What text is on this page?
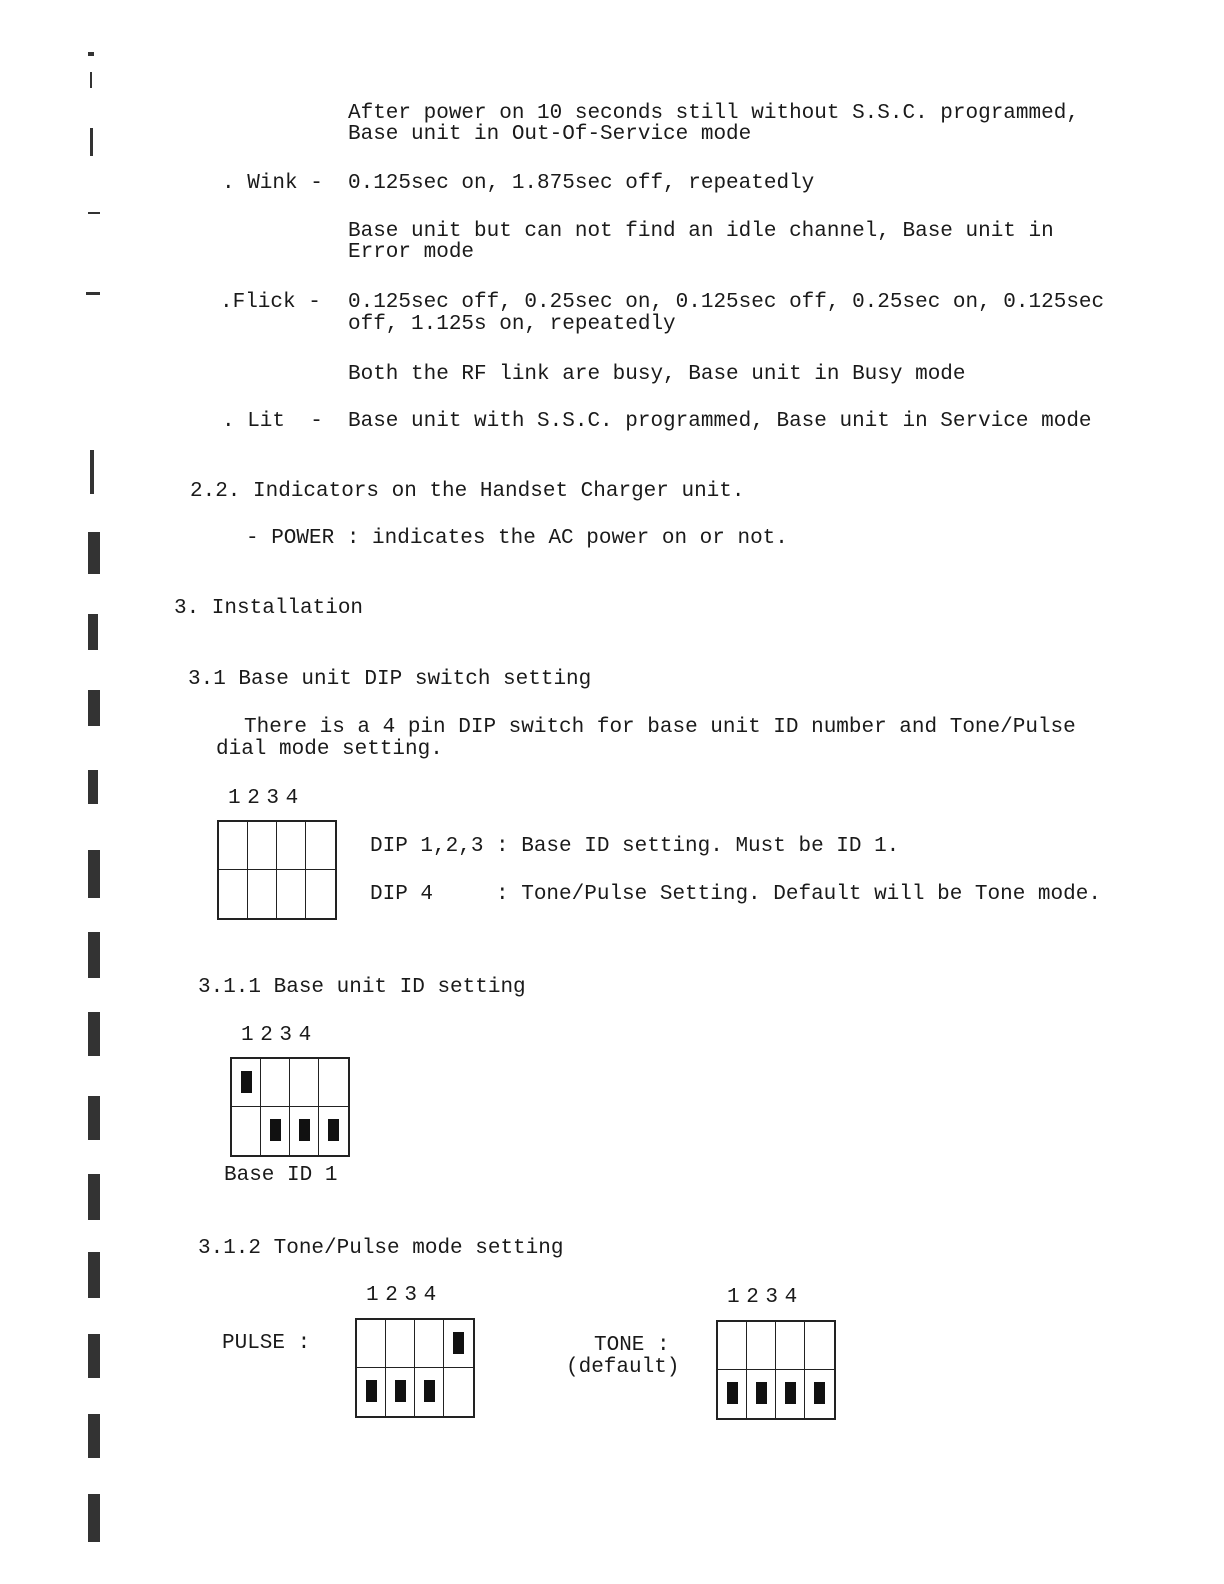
After power on 10 seconds still without S.S.C. programmed,
Base unit in Out-Of-Service mode
. Wink - 0.125sec on, 1.875sec off, repeatedly
Base unit but can not find an idle channel, Base unit in
Error mode
.Flick - 0.125sec off, 0.25sec on, 0.125sec off, 0.25sec on, 0.125sec
off, 1.125s on, repeatedly
Both the RF link are busy, Base unit in Busy mode
. Lit  - Base unit with S.S.C. programmed, Base unit in Service mode
2.2. Indicators on the Handset Charger unit.
- POWER : indicates the AC power on or not.
3. Installation
3.1 Base unit DIP switch setting
There is a 4 pin DIP switch for base unit ID number and Tone/Pulse
dial mode setting.
1 2 3 4
DIP 1,2,3 : Base ID setting. Must be ID 1.
DIP 4     : Tone/Pulse Setting. Default will be Tone mode.
3.1.1 Base unit ID setting
1 2 3 4
Base ID 1
3.1.2 Tone/Pulse mode setting
1 2 3 4
PULSE :
1 2 3 4
TONE :
(default)
